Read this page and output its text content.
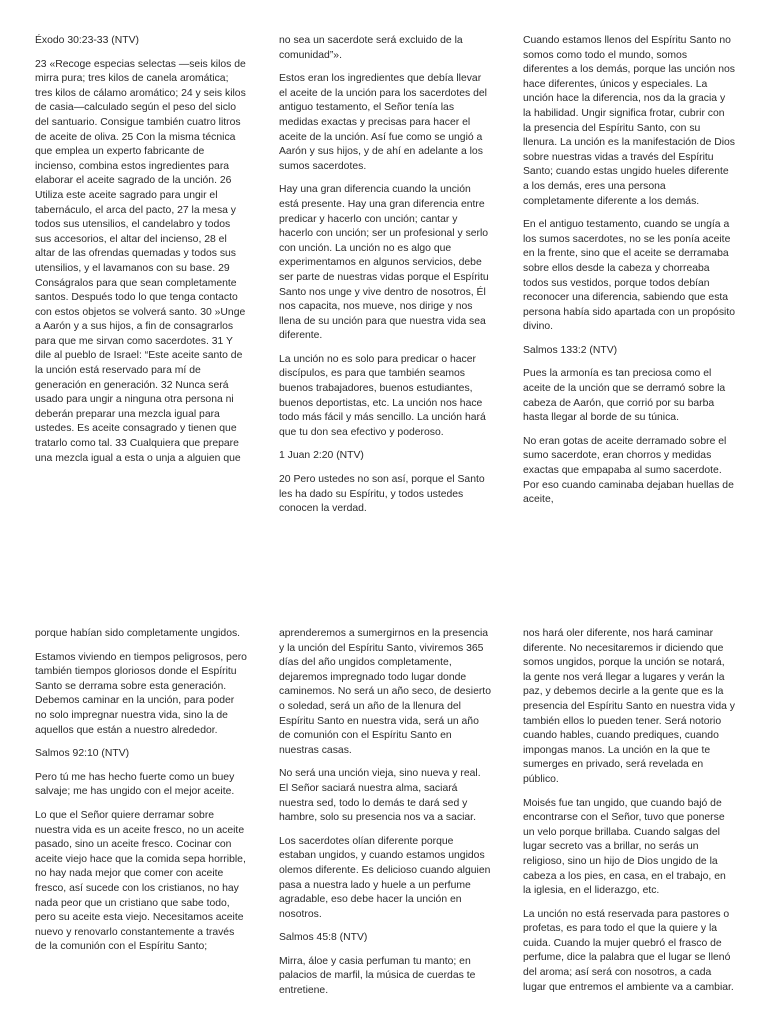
Éxodo 30:23-33 (NTV)

23 «Recoge especias selectas —seis kilos de mirra pura; tres kilos de canela aromática; tres kilos de cálamo aromático; 24 y seis kilos de casia—calculado según el peso del siclo del santuario. Consigue también cuatro litros de aceite de oliva. 25 Con la misma técnica que emplea un experto fabricante de incienso, combina estos ingredientes para elaborar el aceite sagrado de la unción. 26 Utiliza este aceite sagrado para ungir el tabernáculo, el arca del pacto, 27 la mesa y todos sus utensilios, el candelabro y todos sus accesorios, el altar del incienso, 28 el altar de las ofrendas quemadas y todos sus utensilios, y el lavamanos con su base. 29 Conságralos para que sean completamente santos. Después todo lo que tenga contacto con estos objetos se volverá santo. 30 »Unge a Aarón y a sus hijos, a fin de consagrarlos para que me sirvan como sacerdotes. 31 Y dile al pueblo de Israel: “Este aceite santo de la unción está reservado para mí de generación en generación. 32 Nunca será usado para ungir a ninguna otra persona ni deberán preparar una mezcla igual para ustedes. Es aceite consagrado y tienen que tratarlo como tal. 33 Cualquiera que prepare una mezcla igual a esta o unja a alguien que

no sea un sacerdote será excluido de la comunidad”».

Estos eran los ingredientes que debía llevar el aceite de la unción para los sacerdotes del antiguo testamento, el Señor tenía las medidas exactas y precisas para hacer el aceite de la unción. Así fue como se ungió a Aarón y sus hijos, y de ahí en adelante a los sumos sacerdotes.

Hay una gran diferencia cuando la unción está presente. Hay una gran diferencia entre predicar y hacerlo con unción; cantar y hacerlo con unción; ser un profesional y serlo con unción. La unción no es algo que experimentamos en algunos servicios, debe ser parte de nuestras vidas porque el Espíritu Santo nos unge y vive dentro de nosotros, Él nos capacita, nos mueve, nos dirige y nos llena de su unción para que nuestra vida sea diferente.

La unción no es solo para predicar o hacer discípulos, es para que también seamos buenos trabajadores, buenos estudiantes, buenos deportistas, etc. La unción nos hace todo más fácil y más sencillo. La unción hará que tu don sea efectivo y poderoso.

1 Juan 2:20 (NTV)

20 Pero ustedes no son así, porque el Santo les ha dado su Espíritu, y todos ustedes conocen la verdad.

Cuando estamos llenos del Espíritu Santo no somos como todo el mundo, somos diferentes a los demás, porque las unción nos hace diferentes, únicos y especiales. La unción hace la diferencia, nos da la gracia y la habilidad. Ungir significa frotar, cubrir con la presencia del Espíritu Santo, con su llenura. La unción es la manifestación de Dios sobre nuestras vidas a través del Espíritu Santo; cuando estas ungido hueles diferente a los demás, eres una persona completamente diferente a los demás.

En el antiguo testamento, cuando se ungía a los sumos sacerdotes, no se les ponía aceite en la frente, sino que el aceite se derramaba sobre ellos desde la cabeza y chorreaba todos sus vestidos, porque todos debían reconocer una diferencia, sabiendo que esta persona había sido apartada con un propósito divino.

Salmos 133:2 (NTV)

Pues la armonía es tan preciosa como el aceite de la unción que se derramó sobre la cabeza de Aarón, que corrió por su barba hasta llegar al borde de su túnica.

No eran gotas de aceite derramado sobre el sumo sacerdote, eran chorros y medidas exactas que empapaba al sumo sacerdote. Por eso cuando caminaba dejaban huellas de aceite,

porque habían sido completamente ungidos.

Estamos viviendo en tiempos peligrosos, pero también tiempos gloriosos donde el Espíritu Santo se derrama sobre esta generación. Debemos caminar en la unción, para poder no solo impregnar nuestra vida, sino la de aquellos que están a nuestro alrededor.

Salmos 92:10 (NTV)

Pero tú me has hecho fuerte como un buey salvaje; me has ungido con el mejor aceite.

Lo que el Señor quiere derramar sobre nuestra vida es un aceite fresco, no un aceite pasado, sino un aceite fresco. Cocinar con aceite viejo hace que la comida sepa horrible, no hay nada mejor que comer con aceite fresco, así sucede con los cristianos, no hay nada peor que un cristiano que sabe todo, pero su aceite esta viejo. Necesitamos aceite nuevo y renovarlo constantemente a través de la comunión con el Espíritu Santo;

aprenderemos a sumergirnos en la presencia y la unción del Espíritu Santo, viviremos 365 días del año ungidos completamente, dejaremos impregnado todo lugar donde caminemos. No será un año seco, de desierto o soledad, será un año de la llenura del Espíritu Santo en nuestra vida, será un año de comunión con el Espíritu Santo en nuestras casas.

No será una unción vieja, sino nueva y real. El Señor saciará nuestra alma, saciará nuestra sed, todo lo demás te dará sed y hambre, solo su presencia nos va a saciar.

Los sacerdotes olían diferente porque estaban ungidos, y cuando estamos ungidos olemos diferente. Es delicioso cuando alguien pasa a nuestra lado y huele a un perfume agradable, eso debe hacer la unción en nosotros.

Salmos 45:8 (NTV)

Mirra, áloe y casia perfuman tu manto; en palacios de marfil, la música de cuerdas te entretiene.

nos hará oler diferente, nos hará caminar diferente. No necesitaremos ir diciendo que somos ungidos, porque la unción se notará, la gente nos verá llegar a lugares y verán la paz, y debemos decirle a la gente que es la presencia del Espíritu Santo en nuestra vida y también ellos lo pueden tener. Será notorio cuando hables, cuando prediques, cuando impongas manos. La unción en la que te sumerges en privado, será revelada en público.

Moisés fue tan ungido, que cuando bajó de encontrarse con el Señor, tuvo que ponerse un velo porque brillaba. Cuando salgas del lugar secreto vas a brillar, no serás un religioso, sino un hijo de Dios ungido de la cabeza a los pies, en casa, en el trabajo, en la iglesia, en el liderazgo, etc.

La unción no está reservada para pastores o profetas, es para todo el que la quiere y la cuida. Cuando la mujer quebró el frasco de perfume, dice la palabra que el lugar se llenó del aroma; así será con nosotros, a cada lugar que entremos el ambiente va a cambiar.
